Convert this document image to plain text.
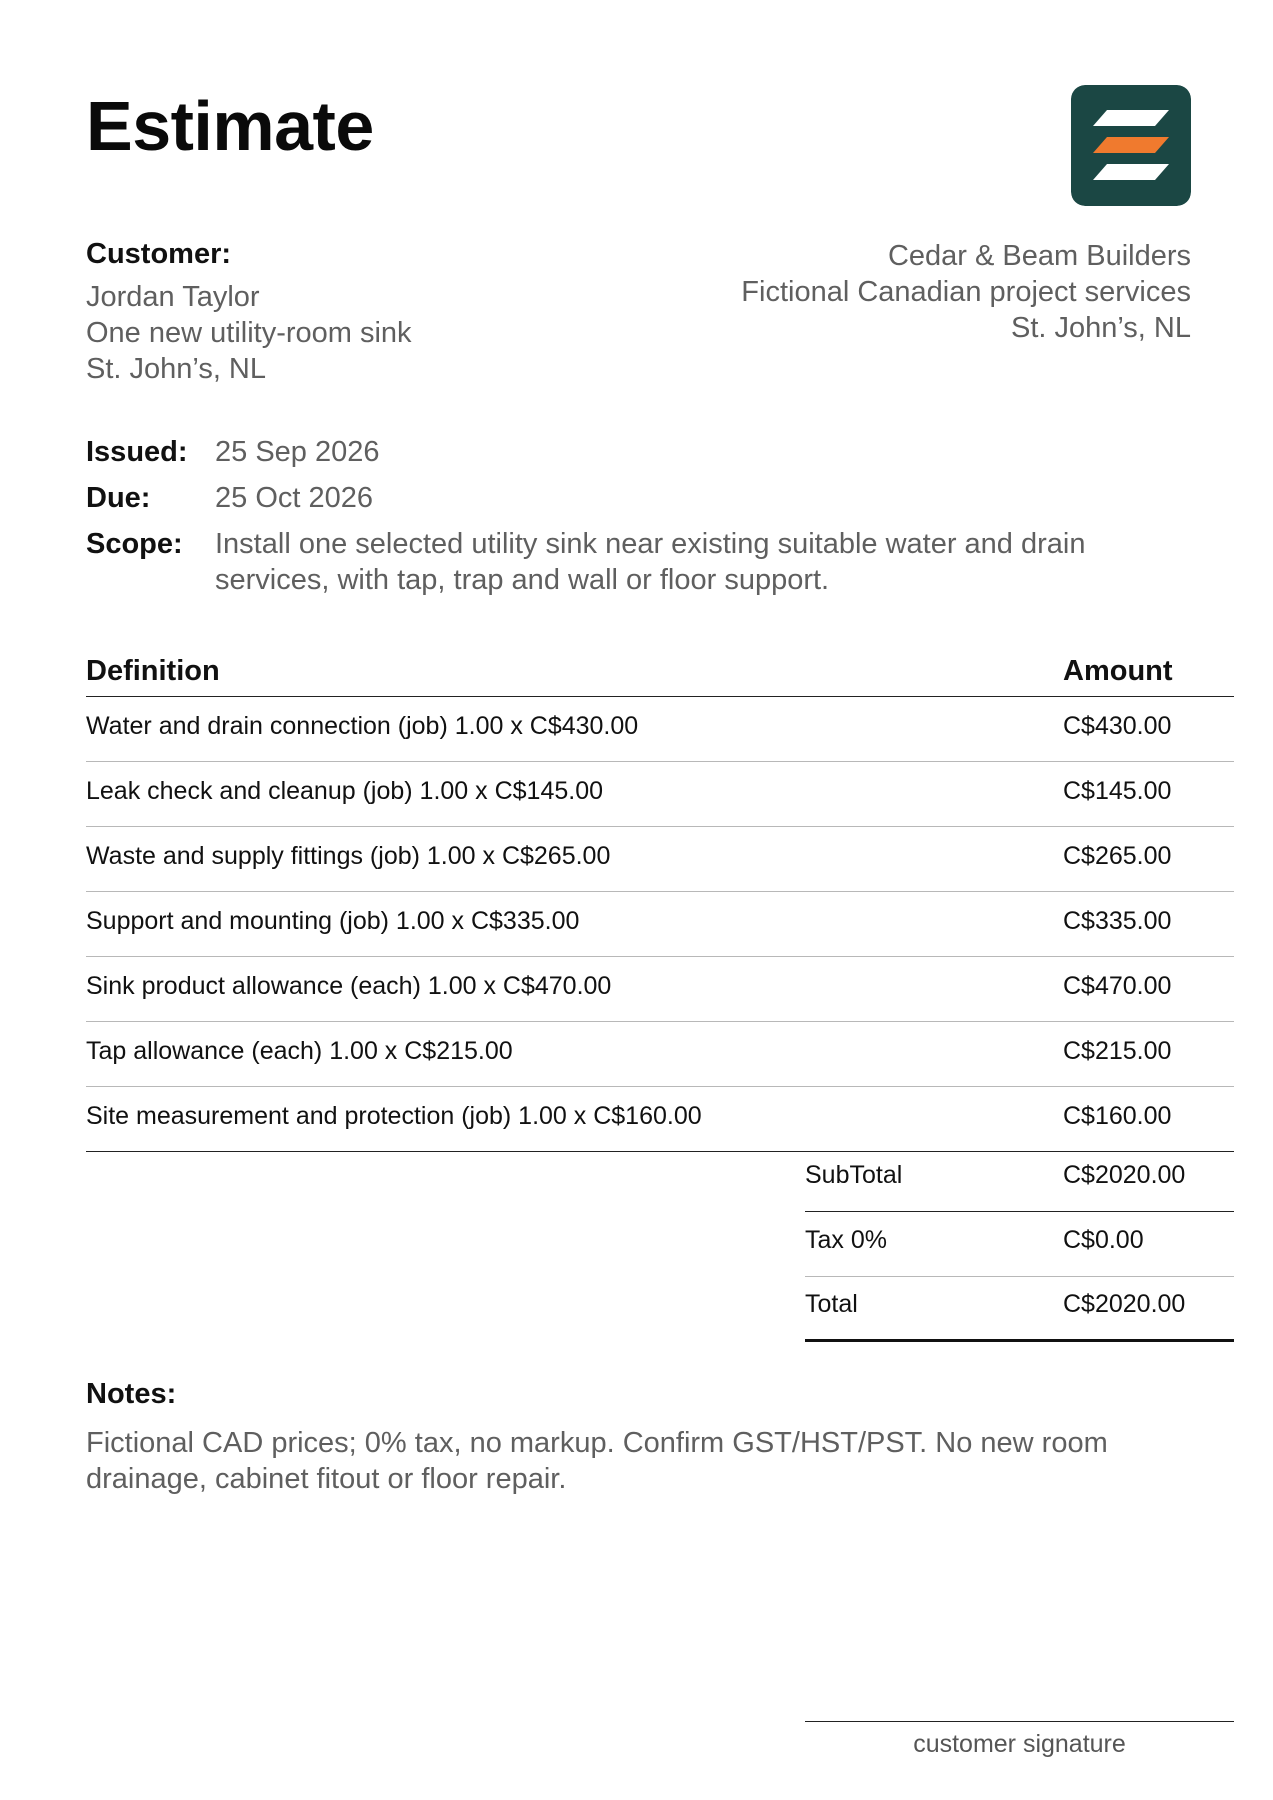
Estimate
Customer:
Jordan Taylor
One new utility-room sink
St. John’s, NL
Cedar & Beam Builders
Fictional Canadian project services
St. John’s, NL
Issued: 25 Sep 2026
Due:	25 Oct 2026
Scope:	Install one selected utility sink near existing suitable water and drain services, with tap, trap and wall or floor support.
Definition	Amount
Water and drain connection (job) 1.00 x C$430.00	C$430.00
Leak check and cleanup (job) 1.00 x C$145.00	C$145.00
Waste and supply fittings (job) 1.00 x C$265.00	C$265.00
Support and mounting (job) 1.00 x C$335.00	C$335.00
Sink product allowance (each) 1.00 x C$470.00	C$470.00
Tap allowance (each) 1.00 x C$215.00	C$215.00
Site measurement and protection (job) 1.00 x C$160.00	C$160.00
SubTotal	C$2020.00
Tax 0%	C$0.00
Total	C$2020.00
Notes:
Fictional CAD prices; 0% tax, no markup. Confirm GST/HST/PST. No new room drainage, cabinet fitout or floor repair.
customer signature
